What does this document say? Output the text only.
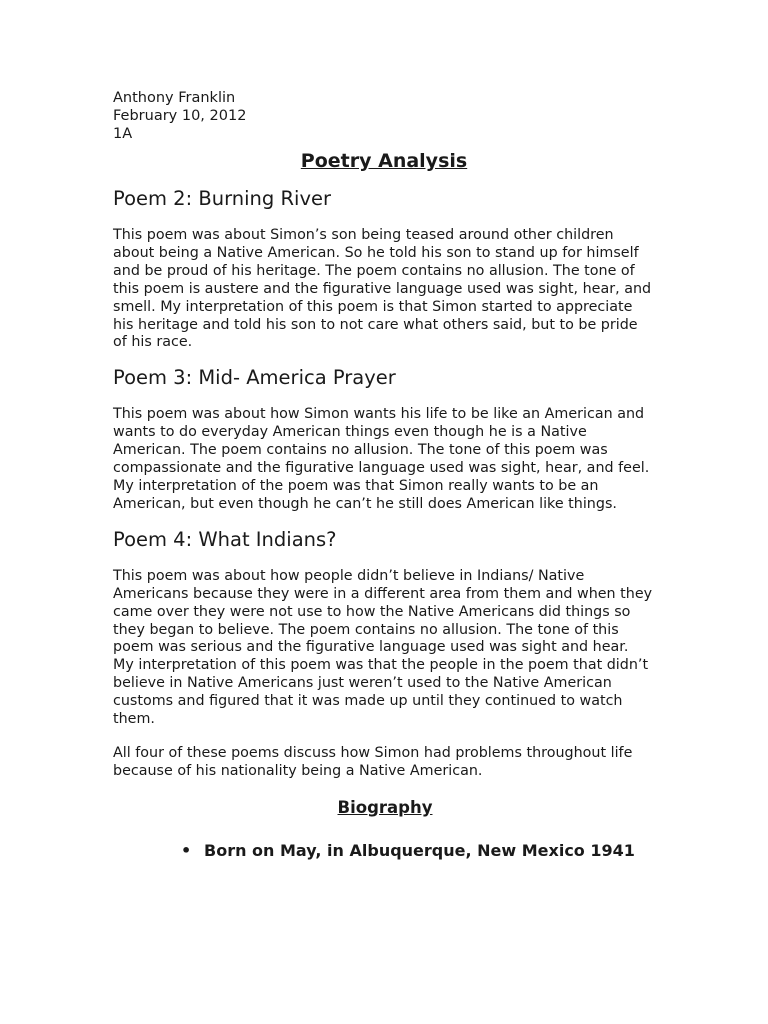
Anthony Franklin
February 10, 2012
1A
Poetry Analysis
Poem 2: Burning River

This poem was about Simon’s son being teased around other children about being a Native American. So he told his son to stand up for himself and be proud of his heritage. The poem contains no allusion. The tone of this poem is austere and the figurative language used was sight, hear, and smell. My interpretation of this poem is that Simon started to appreciate his heritage and told his son to not care what others said, but to be pride of his race.

Poem 3: Mid- America Prayer

This poem was about how Simon wants his life to be like an American and wants to do everyday American things even though he is a Native American. The poem contains no allusion. The tone of this poem was compassionate and the figurative language used was sight, hear, and feel. My interpretation of the poem was that Simon really wants to be an American, but even though he can’t he still does American like things.

Poem 4: What Indians?

This poem was about how people didn’t believe in Indians/ Native Americans because they were in a different area from them and when they came over they were not use to how the Native Americans did things so they began to believe. The poem contains no allusion. The tone of this poem was serious and the figurative language used was sight and hear. My interpretation of this poem was that the people in the poem that didn’t believe in Native Americans just weren’t used to the Native American customs and figured that it was made up until they continued to watch them.

All four of these poems discuss how Simon had problems throughout life because of his nationality being a Native American.

Biography
• Born on May, in Albuquerque, New Mexico 1941
